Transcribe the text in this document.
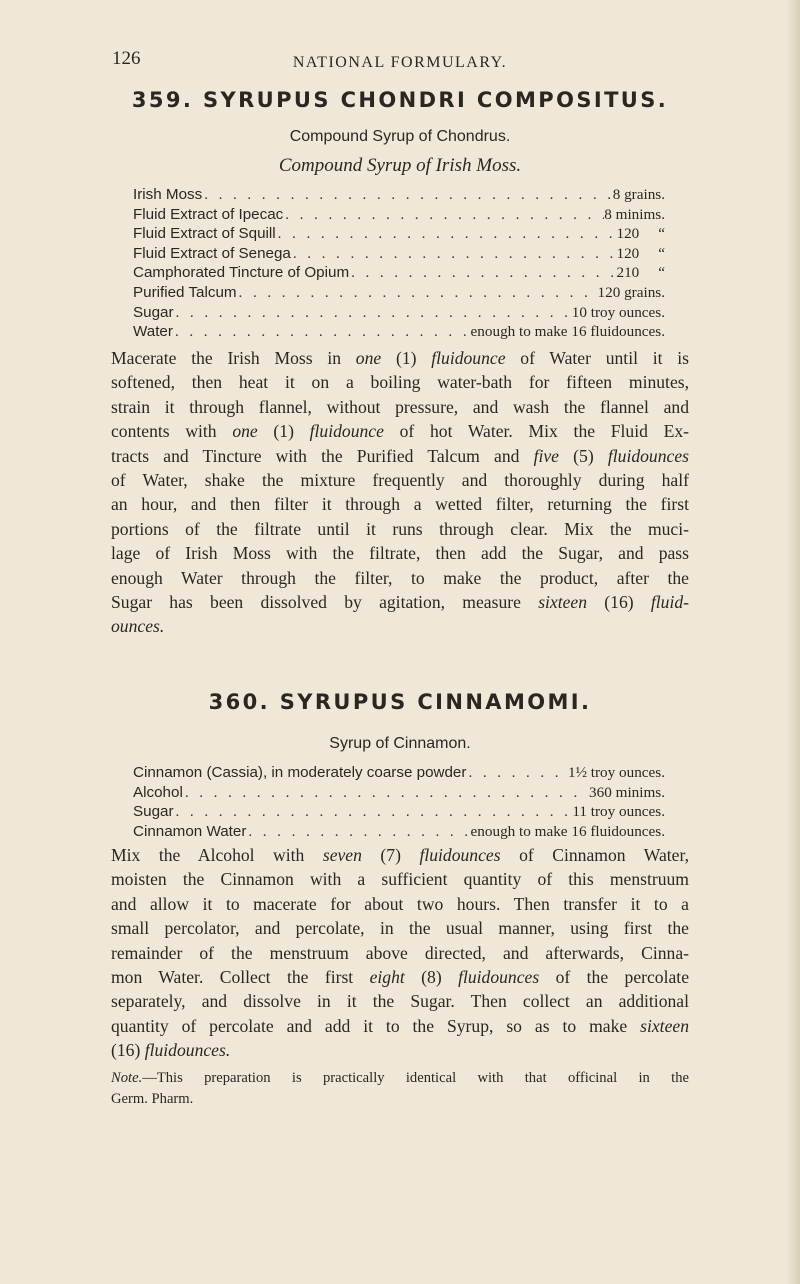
126	NATIONAL FORMULARY.
359. SYRUPUS CHONDRI COMPOSITUS.
Compound Syrup of Chondrus.
Compound Syrup of Irish Moss.
Irish Moss . . .	8 grains.
Fluid Extract of Ipecac . . .	8 minims.
Fluid Extract of Squill . . .	120     “
Fluid Extract of Senega . . .	120     “
Camphorated Tincture of Opium . . .	210     “
Purified Talcum . . .	120 grains.
Sugar . . .	10 troy ounces.
Water . . .	enough to make 16 fluidounces.
Macerate the Irish Moss in one (1) fluidounce of Water until it is
softened, then heat it on a boiling water-bath for fifteen minutes,
strain it through flannel, without pressure, and wash the flannel and
contents with one (1) fluidounce of hot Water. Mix the Fluid Ex-
tracts and Tincture with the Purified Talcum and five (5) fluidounces
of Water, shake the mixture frequently and thoroughly during half
an hour, and then filter it through a wetted filter, returning the first
portions of the filtrate until it runs through clear. Mix the muci-
lage of Irish Moss with the filtrate, then add the Sugar, and pass
enough Water through the filter, to make the product, after the
Sugar has been dissolved by agitation, measure sixteen (16) fluid-
ounces.
360. SYRUPUS CINNAMOMI.
Syrup of Cinnamon.
Cinnamon (Cassia), in moderately coarse powder . . .	1½ troy ounces.
Alcohol . . .	360 minims.
Sugar . . .	11 troy ounces.
Cinnamon Water . . .	enough to make 16 fluidounces.
Mix the Alcohol with seven (7) fluidounces of Cinnamon Water,
moisten the Cinnamon with a sufficient quantity of this menstruum
and allow it to macerate for about two hours. Then transfer it to a
small percolator, and percolate, in the usual manner, using first the
remainder of the menstruum above directed, and afterwards, Cinna-
mon Water. Collect the first eight (8) fluidounces of the percolate
separately, and dissolve in it the Sugar. Then collect an additional
quantity of percolate and add it to the Syrup, so as to make sixteen
(16) fluidounces.
Note.—This preparation is practically identical with that officinal in the
Germ. Pharm.
